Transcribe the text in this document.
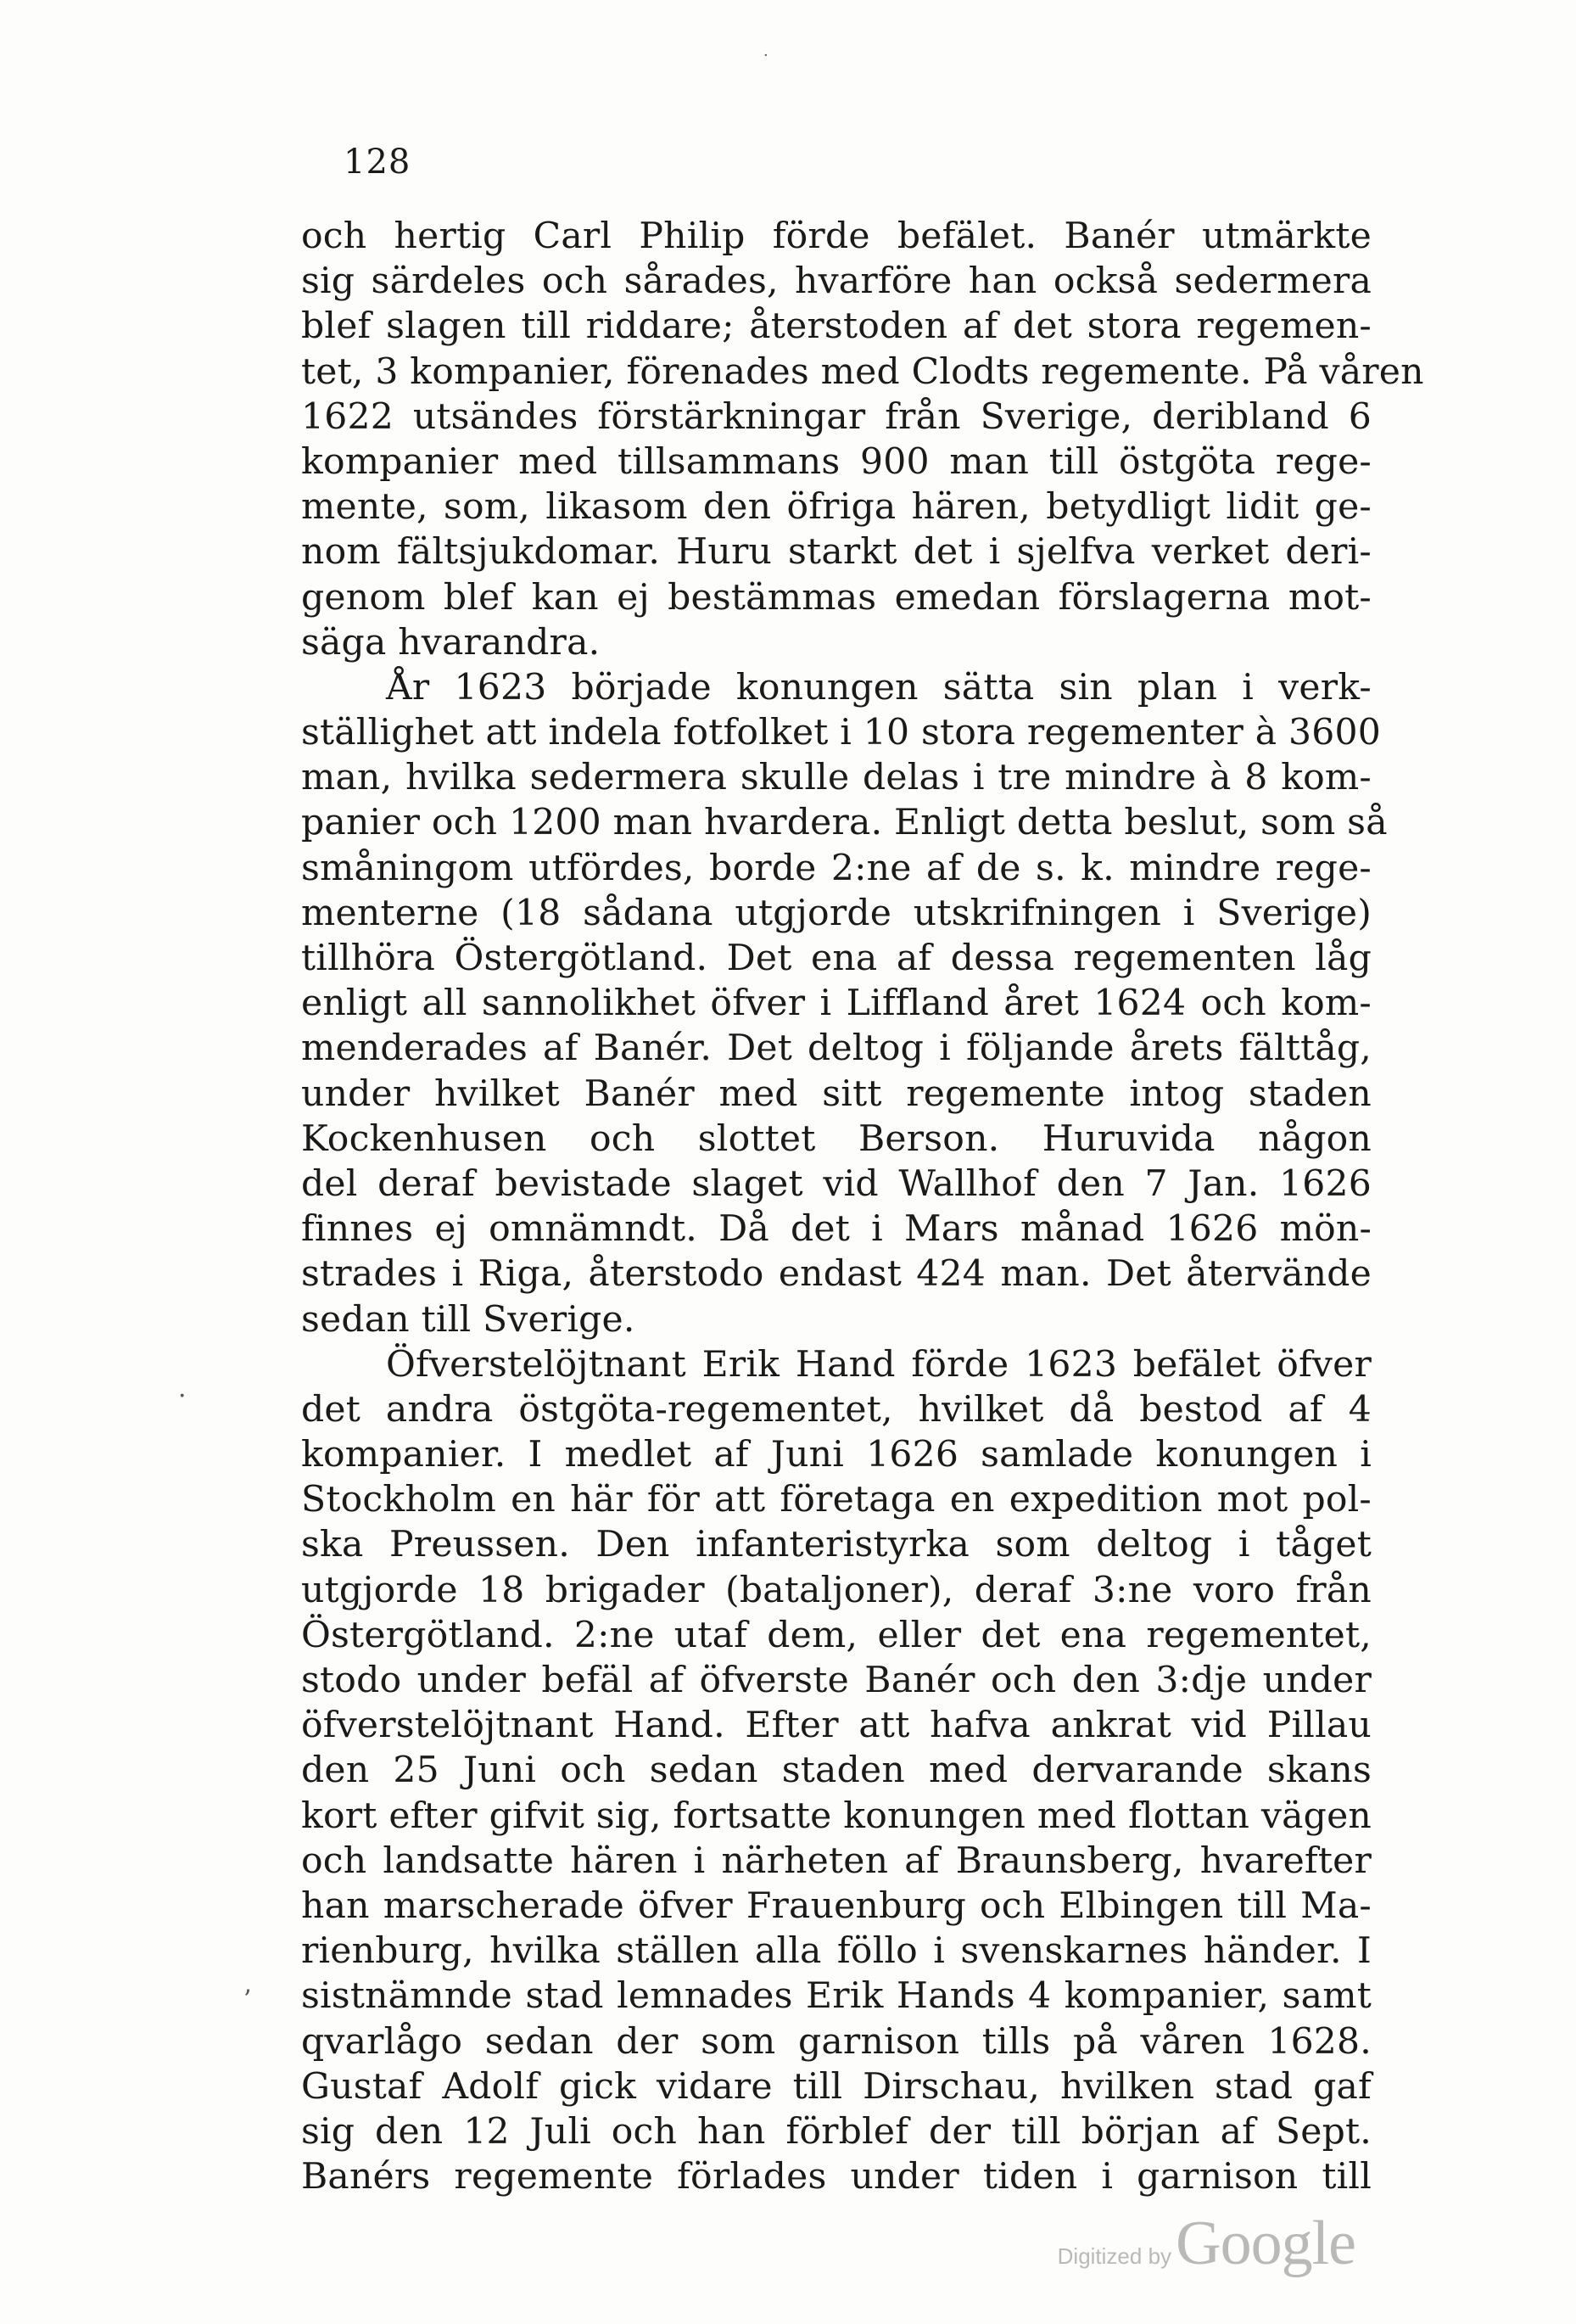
128
och hertig Carl Philip förde befälet. Banér utmärkte
sig särdeles och sårades, hvarföre han också sedermera
blef slagen till riddare; återstoden af det stora regemen-
tet, 3 kompanier, förenades med Clodts regemente. På våren
1622 utsändes förstärkningar från Sverige, deribland 6
kompanier med tillsammans 900 man till östgöta rege-
mente, som, likasom den öfriga hären, betydligt lidit ge-
nom fältsjukdomar. Huru starkt det i sjelfva verket deri-
genom blef kan ej bestämmas emedan förslagerna mot-
säga hvarandra.
År 1623 började konungen sätta sin plan i verk-
ställighet att indela fotfolket i 10 stora regementer à 3600
man, hvilka sedermera skulle delas i tre mindre à 8 kom-
panier och 1200 man hvardera. Enligt detta beslut, som så
småningom utfördes, borde 2:ne af de s. k. mindre rege-
menterne (18 sådana utgjorde utskrifningen i Sverige)
tillhöra Östergötland. Det ena af dessa regementen låg
enligt all sannolikhet öfver i Liffland året 1624 och kom-
menderades af Banér. Det deltog i följande årets fälttåg,
under hvilket Banér med sitt regemente intog staden
Kockenhusen och slottet Berson. Huruvida någon
del deraf bevistade slaget vid Wallhof den 7 Jan. 1626
finnes ej omnämndt. Då det i Mars månad 1626 mön-
strades i Riga, återstodo endast 424 man. Det återvände
sedan till Sverige.
Öfverstelöjtnant Erik Hand förde 1623 befälet öfver
det andra östgöta-regementet, hvilket då bestod af 4
kompanier. I medlet af Juni 1626 samlade konungen i
Stockholm en här för att företaga en expedition mot pol-
ska Preussen. Den infanteristyrka som deltog i tåget
utgjorde 18 brigader (bataljoner), deraf 3:ne voro från
Östergötland. 2:ne utaf dem, eller det ena regementet,
stodo under befäl af öfverste Banér och den 3:dje under
öfverstelöjtnant Hand. Efter att hafva ankrat vid Pillau
den 25 Juni och sedan staden med dervarande skans
kort efter gifvit sig, fortsatte konungen med flottan vägen
och landsatte hären i närheten af Braunsberg, hvarefter
han marscherade öfver Frauenburg och Elbingen till Ma-
rienburg, hvilka ställen alla föllo i svenskarnes händer. I
sistnämnde stad lemnades Erik Hands 4 kompanier, samt
qvarlågo sedan der som garnison tills på våren 1628.
Gustaf Adolf gick vidare till Dirschau, hvilken stad gaf
sig den 12 Juli och han förblef der till början af Sept.
Banérs regemente förlades under tiden i garnison till
·
·
ʼ
Digitized by Google
